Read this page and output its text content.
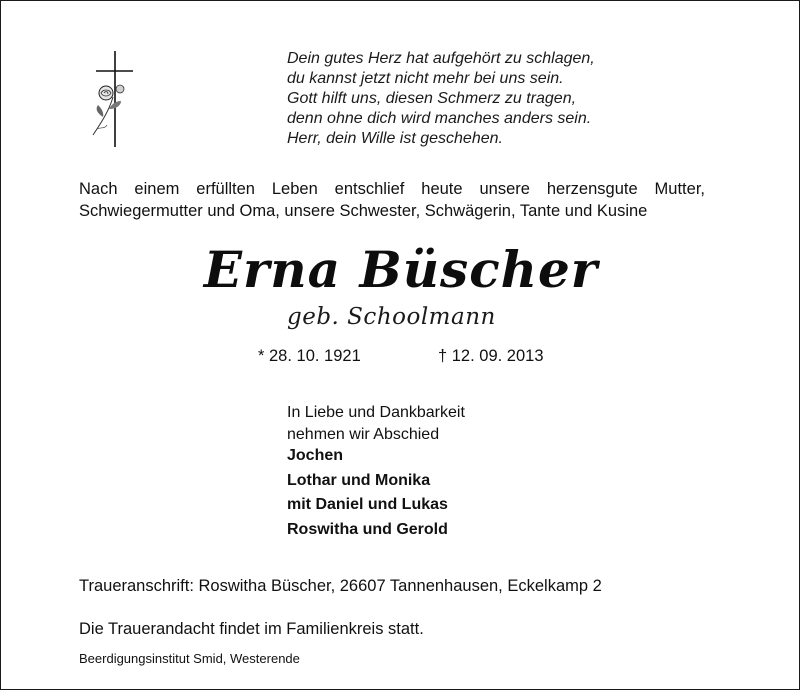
Dein gutes Herz hat aufgehört zu schlagen,
du kannst jetzt nicht mehr bei uns sein.
Gott hilft uns, diesen Schmerz zu tragen,
denn ohne dich wird manches anders sein.
Herr, dein Wille ist geschehen.
Nach einem erfüllten Leben entschlief heute unsere herzensgute Mutter,
Schwiegermutter und Oma, unsere Schwester, Schwägerin, Tante und Kusine
Erna Büscher
geb. Schoolmann
* 28. 10. 1921	† 12. 09. 2013
In Liebe und Dankbarkeit
nehmen wir Abschied
Jochen
Lothar und Monika
mit Daniel und Lukas
Roswitha und Gerold
Traueranschrift: Roswitha Büscher, 26607 Tannenhausen, Eckelkamp 2
Die Trauerandacht findet im Familienkreis statt.
Beerdigungsinstitut Smid, Westerende
